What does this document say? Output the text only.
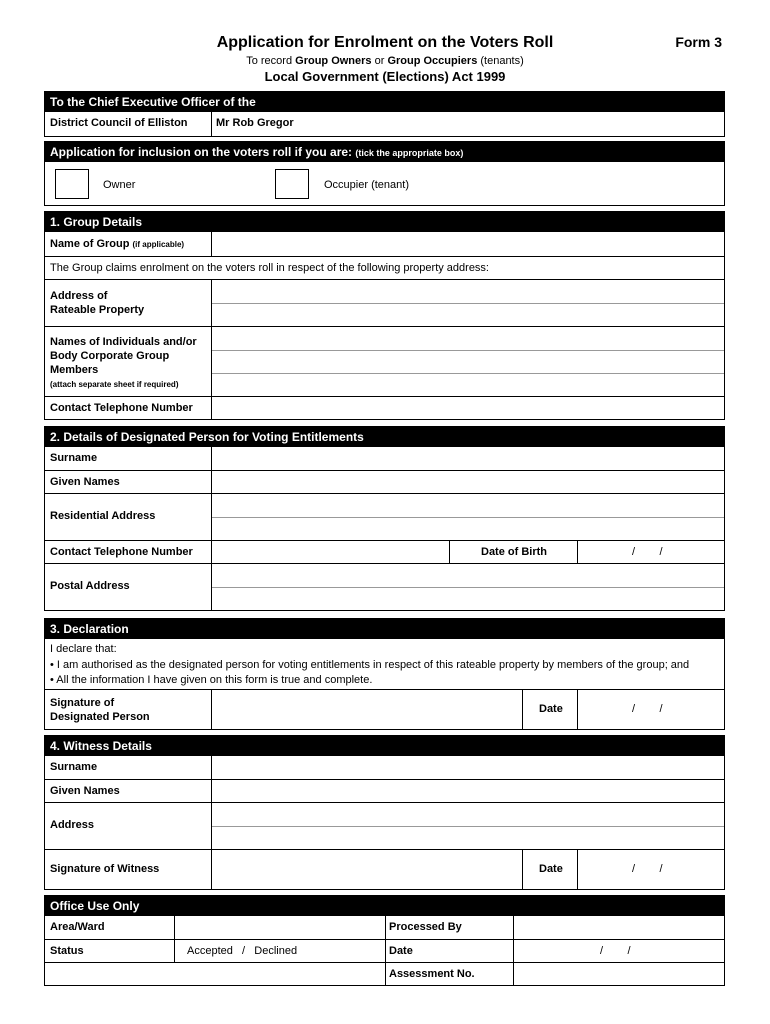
Application for Enrolment on the Voters Roll	Form 3
To record Group Owners or Group Occupiers (tenants)
Local Government (Elections) Act 1999
To the Chief Executive Officer of the
District Council of Elliston	Mr Rob Gregor
Application for inclusion on the voters roll if you are: (tick the appropriate box)
Owner	Occupier (tenant)
1. Group Details
Name of Group (if applicable)
The Group claims enrolment on the voters roll in respect of the following property address:
Address of
Rateable Property
Names of Individuals and/or
Body Corporate Group
Members
(attach separate sheet if required)
Contact Telephone Number
2. Details of Designated Person for Voting Entitlements
Surname
Given Names
Residential Address
Contact Telephone Number	Date of Birth	/        /
Postal Address
3. Declaration
I declare that:
• I am authorised as the designated person for voting entitlements in respect of this rateable property by members of the group; and
• All the information I have given on this form is true and complete.
Signature of
Designated Person
Date	/        /
4. Witness Details
Surname
Given Names
Address
Signature of Witness	Date	/        /
Office Use Only
Area/Ward	Processed By
Status	Accepted   /   Declined	Date	/        /
Assessment No.
